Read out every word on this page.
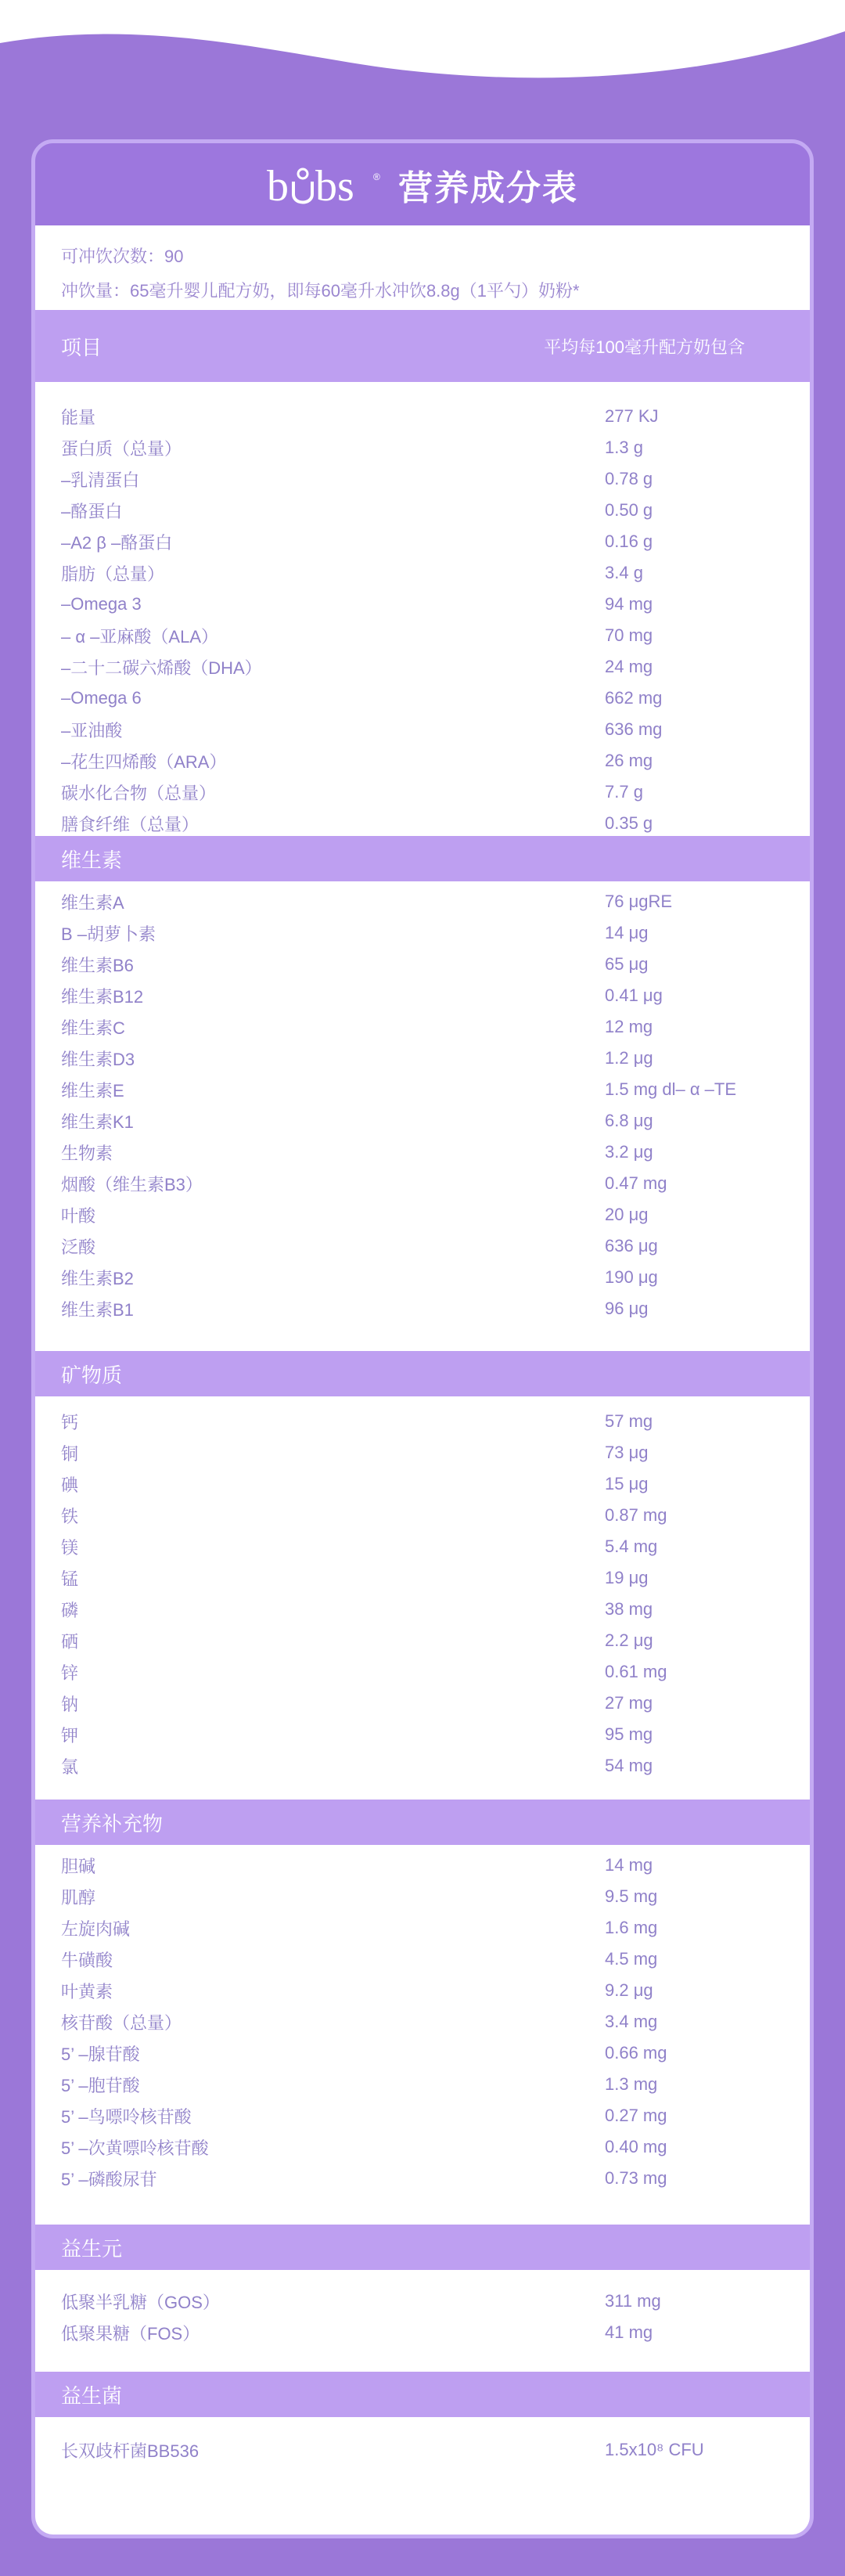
b bs ® 营养成分表
可冲饮次数：90
冲饮量：65毫升婴儿配方奶，即每60毫升水冲饮8.8g（1平勺）奶粉*
项目	平均每100毫升配方奶包含
能量	277 KJ
蛋白质（总量）	1.3 g
–乳清蛋白	0.78 g
–酪蛋白	0.50 g
–A2 β –酪蛋白	0.16 g
脂肪（总量）	3.4 g
–Omega 3	94 mg
– α –亚麻酸（ALA）	70 mg
–二十二碳六烯酸（DHA）	24 mg
–Omega 6	662 mg
–亚油酸	636 mg
–花生四烯酸（ARA）	26 mg
碳水化合物（总量）	7.7 g
膳食纤维（总量）	0.35 g
维生素
维生素A	76 μgRE
Β –胡萝卜素	14 μg
维生素B6	65 μg
维生素B12	0.41 μg
维生素C	12 mg
维生素D3	1.2 μg
维生素E	1.5 mg dl– α –TE
维生素K1	6.8 μg
生物素	3.2 μg
烟酸（维生素B3）	0.47 mg
叶酸	20 μg
泛酸	636 μg
维生素B2	190 μg
维生素B1	96 μg
矿物质
钙	57 mg
铜	73 μg
碘	15 μg
铁	0.87 mg
镁	5.4 mg
锰	19 μg
磷	38 mg
硒	2.2 μg
锌	0.61 mg
钠	27 mg
钾	95 mg
氯	54 mg
营养补充物
胆碱	14 mg
肌醇	9.5 mg
左旋肉碱	1.6 mg
牛磺酸	4.5 mg
叶黄素	9.2 μg
核苷酸（总量）	3.4 mg
5’ –腺苷酸	0.66 mg
5’ –胞苷酸	1.3 mg
5’ –鸟嘌呤核苷酸	0.27 mg
5’ –次黄嘌呤核苷酸	0.40 mg
5’ –磷酸尿苷	0.73 mg
益生元
低聚半乳糖（GOS）	311 mg
低聚果糖（FOS）	41 mg
益生菌
长双歧杆菌BB536	1.5x10⁸ CFU
